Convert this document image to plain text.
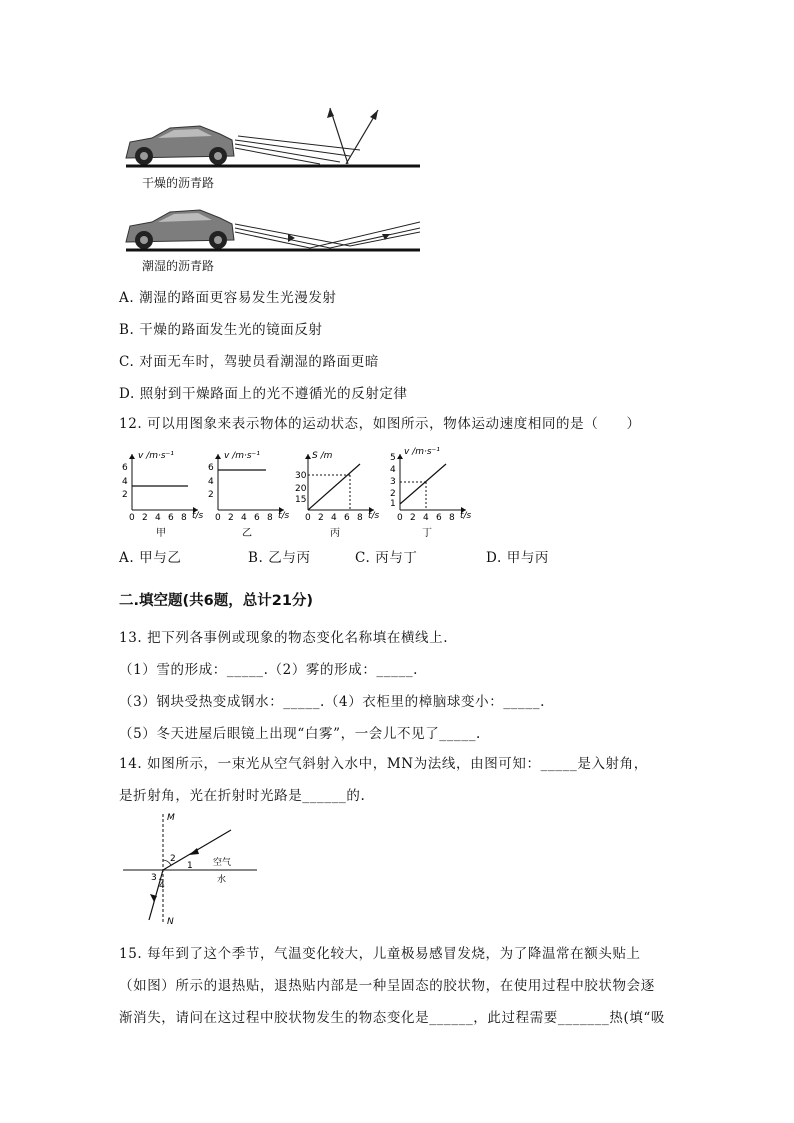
干燥的沥青路
潮湿的沥青路
A. 潮湿的路面更容易发生光漫发射
B. 干燥的路面发生光的镜面反射
C. 对面无车时，驾驶员看潮湿的路面更暗
D. 照射到干燥路面上的光不遵循光的反射定律
12. 可以用图象来表示物体的运动状态，如图所示，物体运动速度相同的是（　　）
6
4
2
0 2 4 6 8 t/s
v /m·s⁻¹
甲
6
4
2
0 2 4 6 8 t/s
v /m·s⁻¹
乙
30
20
15
0 2 4 6 8 t/s
S /m
丙
5
4
3
2
1
0 2 4 6 8 t/s
v /m·s⁻¹
丁
A. 甲与乙	B. 乙与丙	C. 丙与丁	D. 甲与丙
二.填空题(共6题，总计21分)
13. 把下列各事例或现象的物态变化名称填在横线上.
（1）雪的形成：_____.（2）雾的形成：_____.
（3）钢块受热变成钢水：_____.（4）衣柜里的樟脑球变小：_____.
（5）冬天进屋后眼镜上出现“白雾”，一会儿不见了_____.
14. 如图所示，一束光从空气斜射入水中，MN为法线，由图可知：_____是入射角，
是折射角，光在折射时光路是______的.
M
N
空气
水
2
1
3
4
15. 每年到了这个季节，气温变化较大，儿童极易感冒发烧，为了降温常在额头贴上
（如图）所示的退热贴，退热贴内部是一种呈固态的胶状物，在使用过程中胶状物会逐
渐消失，请问在这过程中胶状物发生的物态变化是______，此过程需要_______热(填“吸
